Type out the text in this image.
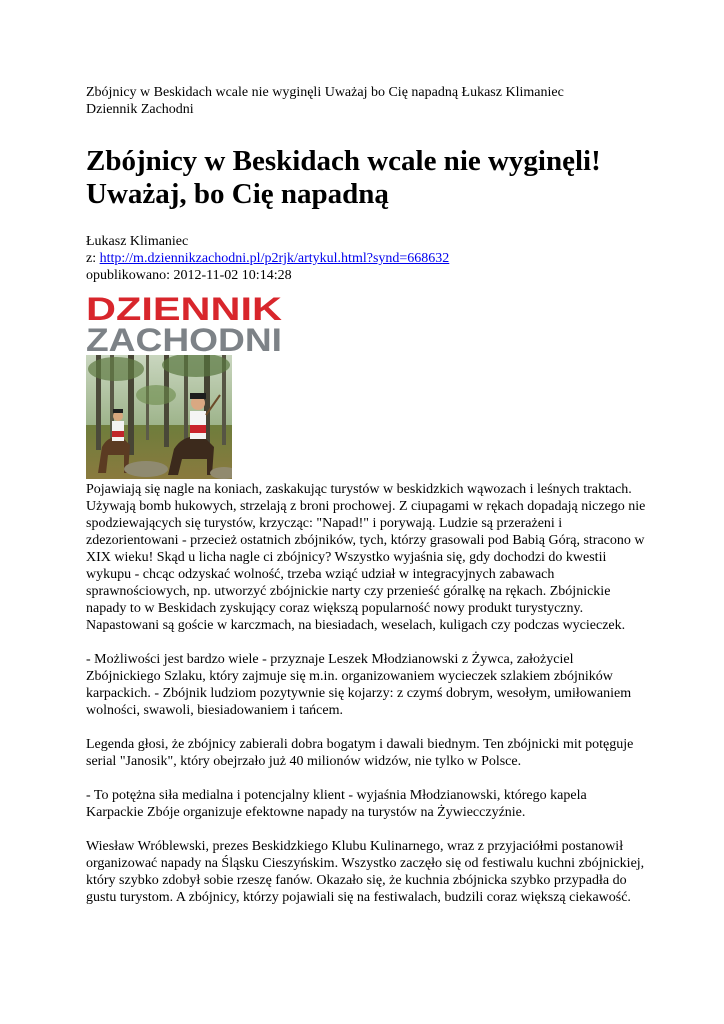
Zbójnicy w Beskidach wcale nie wyginęli Uważaj bo Cię napadną Łukasz Klimaniec

Dziennik Zachodni

Zbójnicy w Beskidach wcale nie wyginęli!
Uważaj, bo Cię napadną

Łukasz Klimaniec

z: http://m.dziennikzachodni.pl/p2rjk/artykul.html?synd=668632

opublikowano: 2012-11-02 10:14:28

DZIENNIK
ZACHODNI

Pojawiają się nagle na koniach, zaskakując turystów w beskidzkich wąwozach i leśnych traktach. Używają bomb hukowych, strzelają z broni prochowej. Z ciupagami w rękach dopadają niczego nie spodziewających się turystów, krzycząc: "Napad!" i porywają. Ludzie są przerażeni i zdezorientowani - przecież ostatnich zbójników, tych, którzy grasowali pod Babią Górą, stracono w XIX wieku! Skąd u licha nagle ci zbójnicy? Wszystko wyjaśnia się, gdy dochodzi do kwestii wykupu - chcąc odzyskać wolność, trzeba wziąć udział w integracyjnych zabawach sprawnościowych, np. utworzyć zbójnickie narty czy przenieść góralkę na rękach. Zbójnickie napady to w Beskidach zyskujący coraz większą popularność nowy produkt turystyczny. Napastowani są goście w karczmach, na biesiadach, weselach, kuligach czy podczas wycieczek.

- Możliwości jest bardzo wiele - przyznaje Leszek Młodzianowski z Żywca, założyciel Zbójnickiego Szlaku, który zajmuje się m.in. organizowaniem wycieczek szlakiem zbójników karpackich. - Zbójnik ludziom pozytywnie się kojarzy: z czymś dobrym, wesołym, umiłowaniem wolności, swawoli, biesiadowaniem i tańcem.

Legenda głosi, że zbójnicy zabierali dobra bogatym i dawali biednym. Ten zbójnicki mit potęguje serial "Janosik", który obejrzało już 40 milionów widzów, nie tylko w Polsce.

- To potężna siła medialna i potencjalny klient - wyjaśnia Młodzianowski, którego kapela Karpackie Zbóje organizuje efektowne napady na turystów na Żywiecczyźnie.

Wiesław Wróblewski, prezes Beskidzkiego Klubu Kulinarnego, wraz z przyjaciółmi postanowił organizować napady na Śląsku Cieszyńskim. Wszystko zaczęło się od festiwalu kuchni zbójnickiej, który szybko zdobył sobie rzeszę fanów. Okazało się, że kuchnia zbójnicka szybko przypadła do gustu turystom. A zbójnicy, którzy pojawiali się na festiwalach, budzili coraz większą ciekawość.
